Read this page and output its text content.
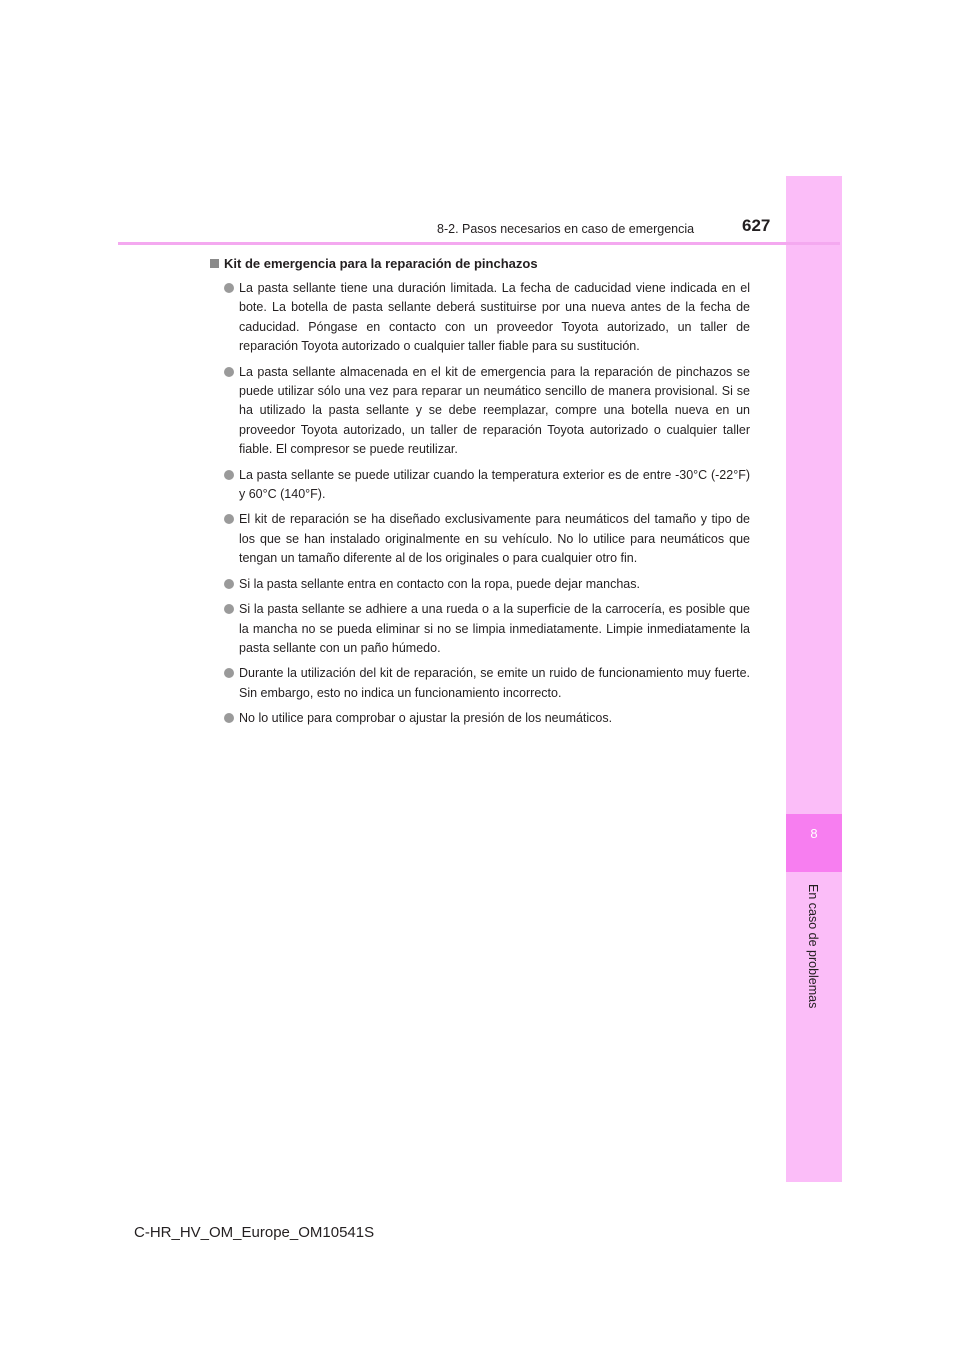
8
En caso de problemas
8-2. Pasos necesarios en caso de emergencia	627
Kit de emergencia para la reparación de pinchazos
La pasta sellante tiene una duración limitada. La fecha de caducidad viene indicada en el bote. La botella de pasta sellante deberá sustituirse por una nueva antes de la fecha de caducidad. Póngase en contacto con un proveedor Toyota autorizado, un taller de reparación Toyota autorizado o cualquier taller fiable para su sustitución.
La pasta sellante almacenada en el kit de emergencia para la reparación de pinchazos se puede utilizar sólo una vez para reparar un neumático sencillo de manera provisional. Si se ha utilizado la pasta sellante y se debe reemplazar, compre una botella nueva en un proveedor Toyota autorizado, un taller de reparación Toyota autorizado o cualquier taller fiable. El compresor se puede reutilizar.
La pasta sellante se puede utilizar cuando la temperatura exterior es de entre -30°C (-22°F) y 60°C (140°F).
El kit de reparación se ha diseñado exclusivamente para neumáticos del tamaño y tipo de los que se han instalado originalmente en su vehículo. No lo utilice para neumáticos que tengan un tamaño diferente al de los originales o para cualquier otro fin.
Si la pasta sellante entra en contacto con la ropa, puede dejar manchas.
Si la pasta sellante se adhiere a una rueda o a la superficie de la carrocería, es posible que la mancha no se pueda eliminar si no se limpia inmediatamente. Limpie inmediatamente la pasta sellante con un paño húmedo.
Durante la utilización del kit de reparación, se emite un ruido de funcionamiento muy fuerte. Sin embargo, esto no indica un funcionamiento incorrecto.
No lo utilice para comprobar o ajustar la presión de los neumáticos.
C-HR_HV_OM_Europe_OM10541S
